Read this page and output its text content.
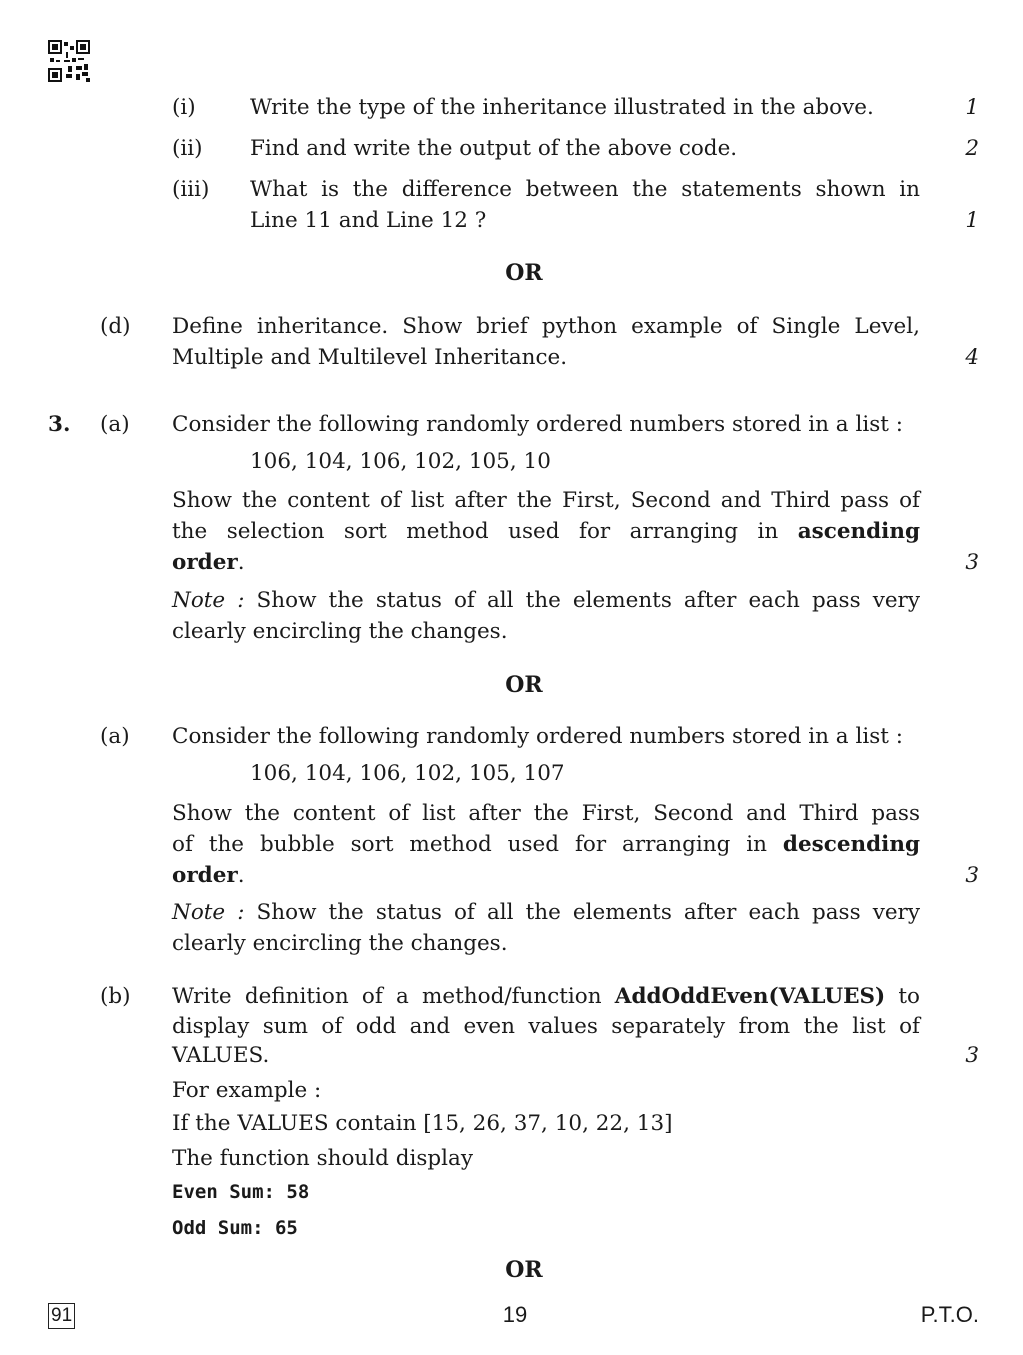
(i)	Write the type of the inheritance illustrated in the above.	1
(ii) Find and write the output of the above code.	2
(iii) What is the difference between the statements shown in
Line 11 and Line 12 ?	1
OR
(d) Define inheritance. Show brief python example of Single Level,
Multiple and Multilevel Inheritance.	4
3. (a) Consider the following randomly ordered numbers stored in a list :
106, 104, 106, 102, 105, 10
Show the content of list after the First, Second and Third pass of
the selection sort method used for arranging in ascending
order.	3
Note : Show the status of all the elements after each pass very
clearly encircling the changes.
OR
(a) Consider the following randomly ordered numbers stored in a list :
106, 104, 106, 102, 105, 107
Show the content of list after the First, Second and Third pass
of the bubble sort method used for arranging in descending
order.	3
Note : Show the status of all the elements after each pass very
clearly encircling the changes.
(b) Write definition of a method/function AddOddEven(VALUES) to
display sum of odd and even values separately from the list of
VALUES.	3
For example :
If the VALUES contain [15, 26, 37, 10, 22, 13]
The function should display
Even Sum: 58
Odd Sum: 65
OR
91	19	P.T.O.
